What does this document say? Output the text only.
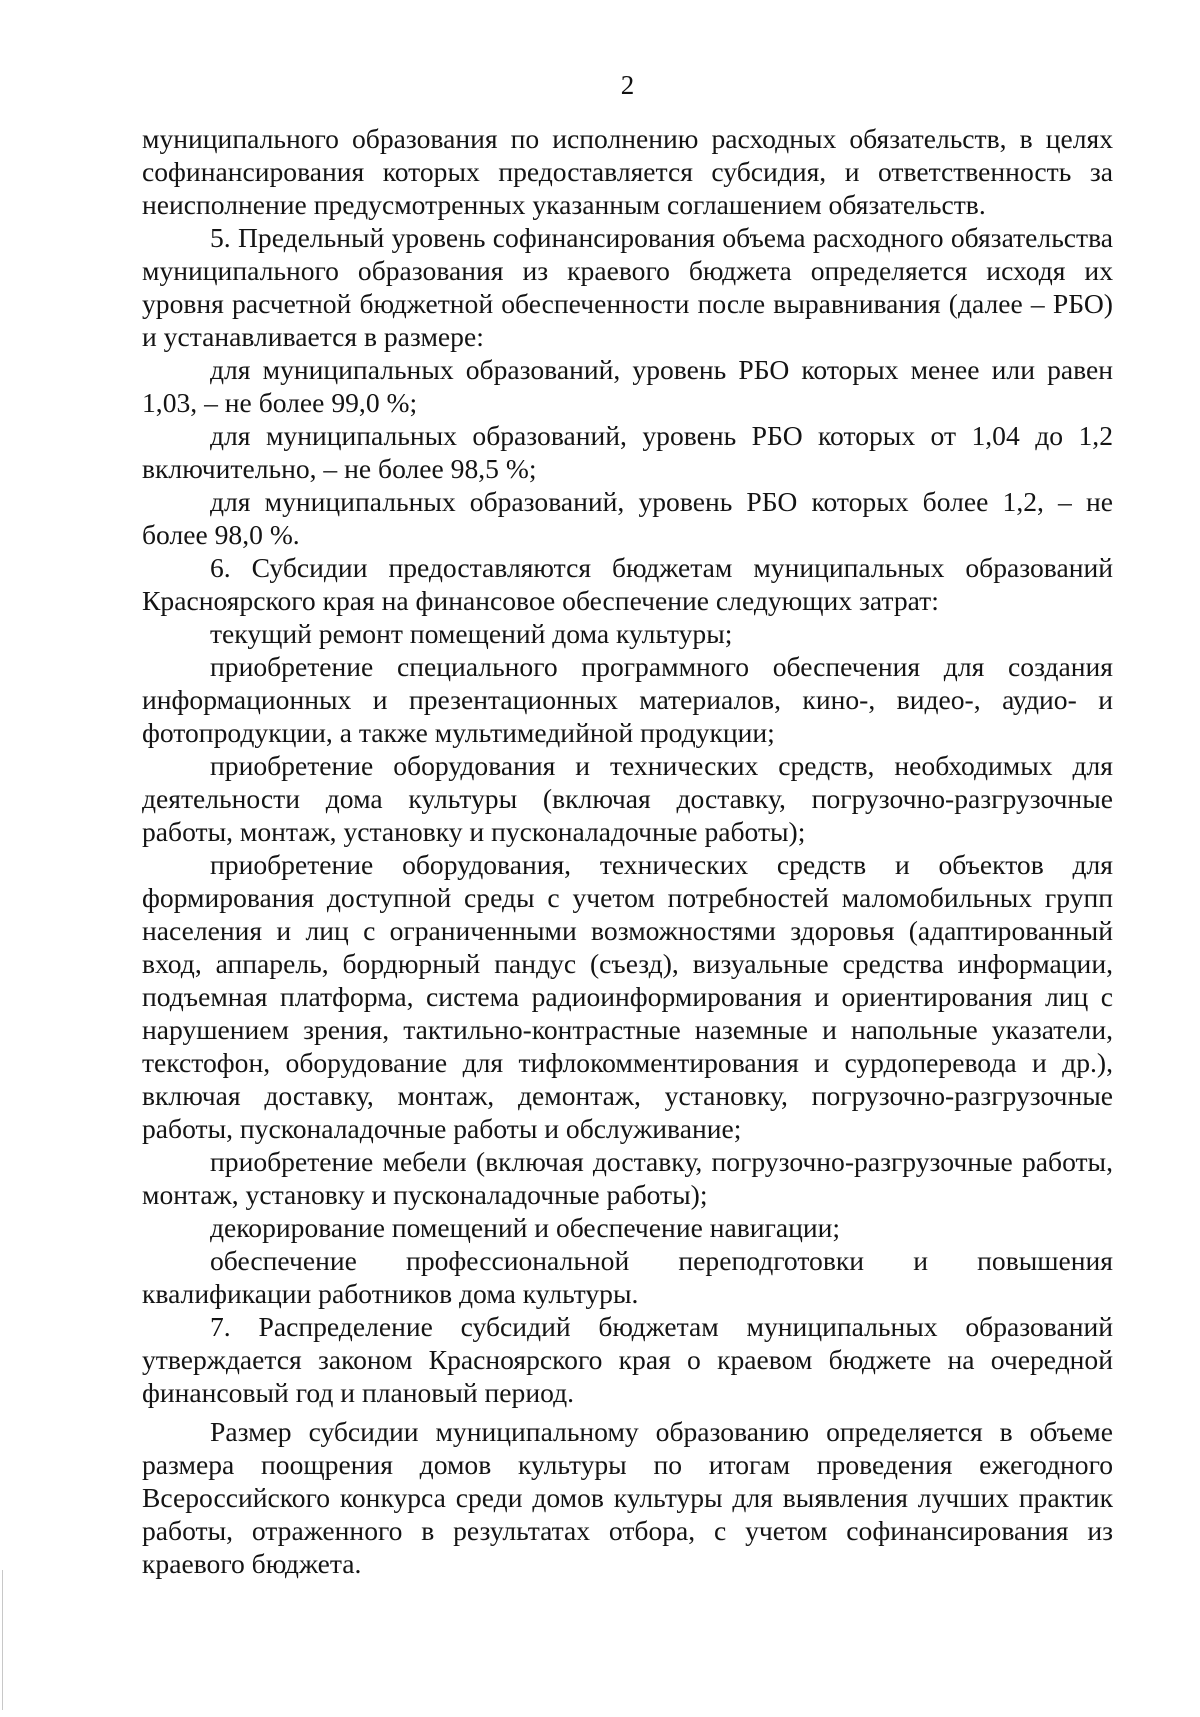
2

муниципального образования по исполнению расходных обязательств, в целях софинансирования которых предоставляется субсидия, и ответственность за неисполнение предусмотренных указанным соглашением обязательств.

5. Предельный уровень софинансирования объема расходного обязательства муниципального образования из краевого бюджета определяется исходя их уровня расчетной бюджетной обеспеченности после выравнивания (далее – РБО) и устанавливается в размере:

для муниципальных образований, уровень РБО которых менее или равен 1,03, – не более 99,0 %;

для муниципальных образований, уровень РБО которых от 1,04 до 1,2 включительно, – не более 98,5 %;

для муниципальных образований, уровень РБО которых более 1,2, – не более 98,0 %.

6. Субсидии предоставляются бюджетам муниципальных образований Красноярского края на финансовое обеспечение следующих затрат:

текущий ремонт помещений дома культуры;

приобретение специального программного обеспечения для создания информационных и презентационных материалов, кино-, видео-, аудио- и фотопродукции, а также мультимедийной продукции;

приобретение оборудования и технических средств, необходимых для деятельности дома культуры (включая доставку, погрузочно-разгрузочные работы, монтаж, установку и пусконаладочные работы);

приобретение оборудования, технических средств и объектов для формирования доступной среды с учетом потребностей маломобильных групп населения и лиц с ограниченными возможностями здоровья (адаптированный вход, аппарель, бордюрный пандус (съезд), визуальные средства информации, подъемная платформа, система радиоинформирования и ориентирования лиц с нарушением зрения, тактильно-контрастные наземные и напольные указатели, текстофон, оборудование для тифлокомментирования и сурдоперевода и др.), включая доставку, монтаж, демонтаж, установку, погрузочно-разгрузочные работы, пусконаладочные работы и обслуживание;

приобретение мебели (включая доставку, погрузочно-разгрузочные работы, монтаж, установку и пусконаладочные работы);

декорирование помещений и обеспечение навигации;

обеспечение профессиональной переподготовки и повышения квалификации работников дома культуры.

7. Распределение субсидий бюджетам муниципальных образований утверждается законом Красноярского края о краевом бюджете на очередной финансовый год и плановый период.

Размер субсидии муниципальному образованию определяется в объеме размера поощрения домов культуры по итогам проведения ежегодного Всероссийского конкурса среди домов культуры для выявления лучших практик работы, отраженного в результатах отбора, с учетом софинансирования из краевого бюджета.
